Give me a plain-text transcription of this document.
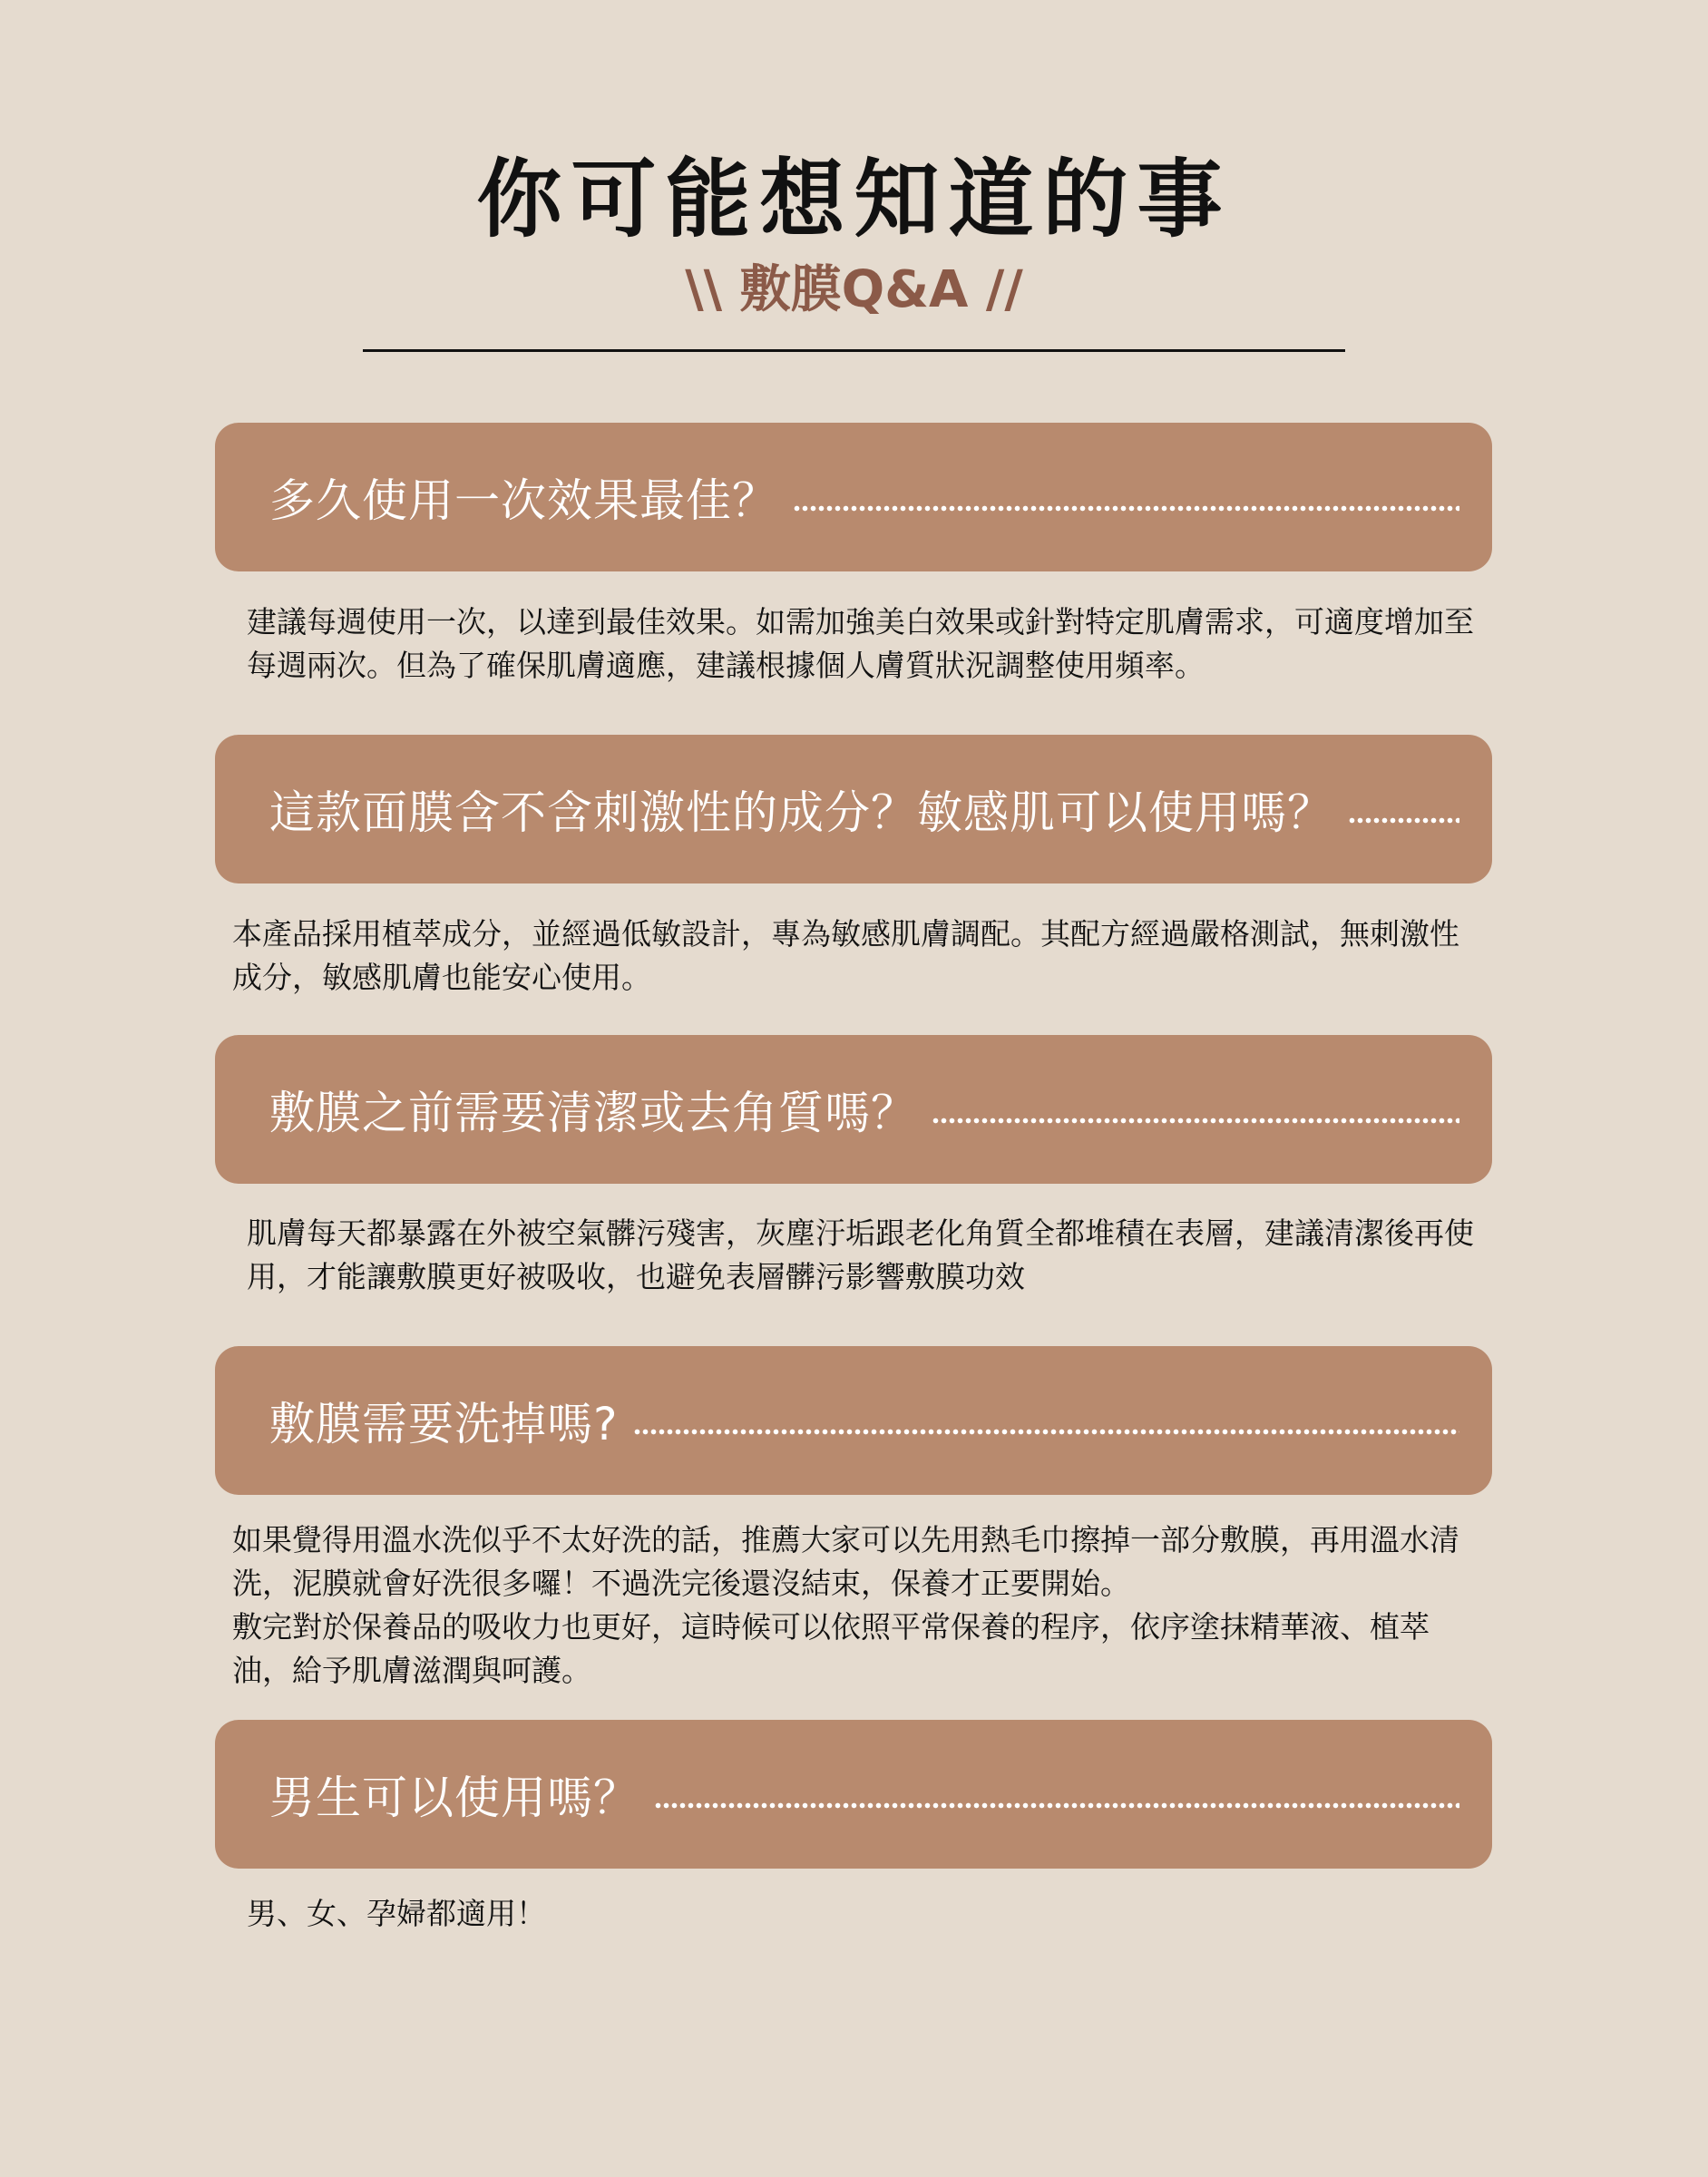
你可能想知道的事
\\ 敷膜Q&A //
多久使用一次效果最佳？

建議每週使用一次，以達到最佳效果。如需加強美白效果或針對特定肌膚需求，可適度增加至每週兩次。但為了確保肌膚適應，建議根據個人膚質狀況調整使用頻率。

這款面膜含不含刺激性的成分？敏感肌可以使用嗎？

本產品採用植萃成分，並經過低敏設計，專為敏感肌膚調配。其配方經過嚴格測試，無刺激性成分，敏感肌膚也能安心使用。

敷膜之前需要清潔或去角質嗎？

肌膚每天都暴露在外被空氣髒污殘害，灰塵汙垢跟老化角質全都堆積在表層，建議清潔後再使用，才能讓敷膜更好被吸收，也避免表層髒污影響敷膜功效

敷膜需要洗掉嗎?

如果覺得用溫水洗似乎不太好洗的話，推薦大家可以先用熱毛巾擦掉一部分敷膜，再用溫水清洗，泥膜就會好洗很多囉！不過洗完後還沒結束，保養才正要開始。

敷完對於保養品的吸收力也更好，這時候可以依照平常保養的程序，依序塗抹精華液、植萃油，給予肌膚滋潤與呵護。

男生可以使用嗎？

男、女、孕婦都適用！
